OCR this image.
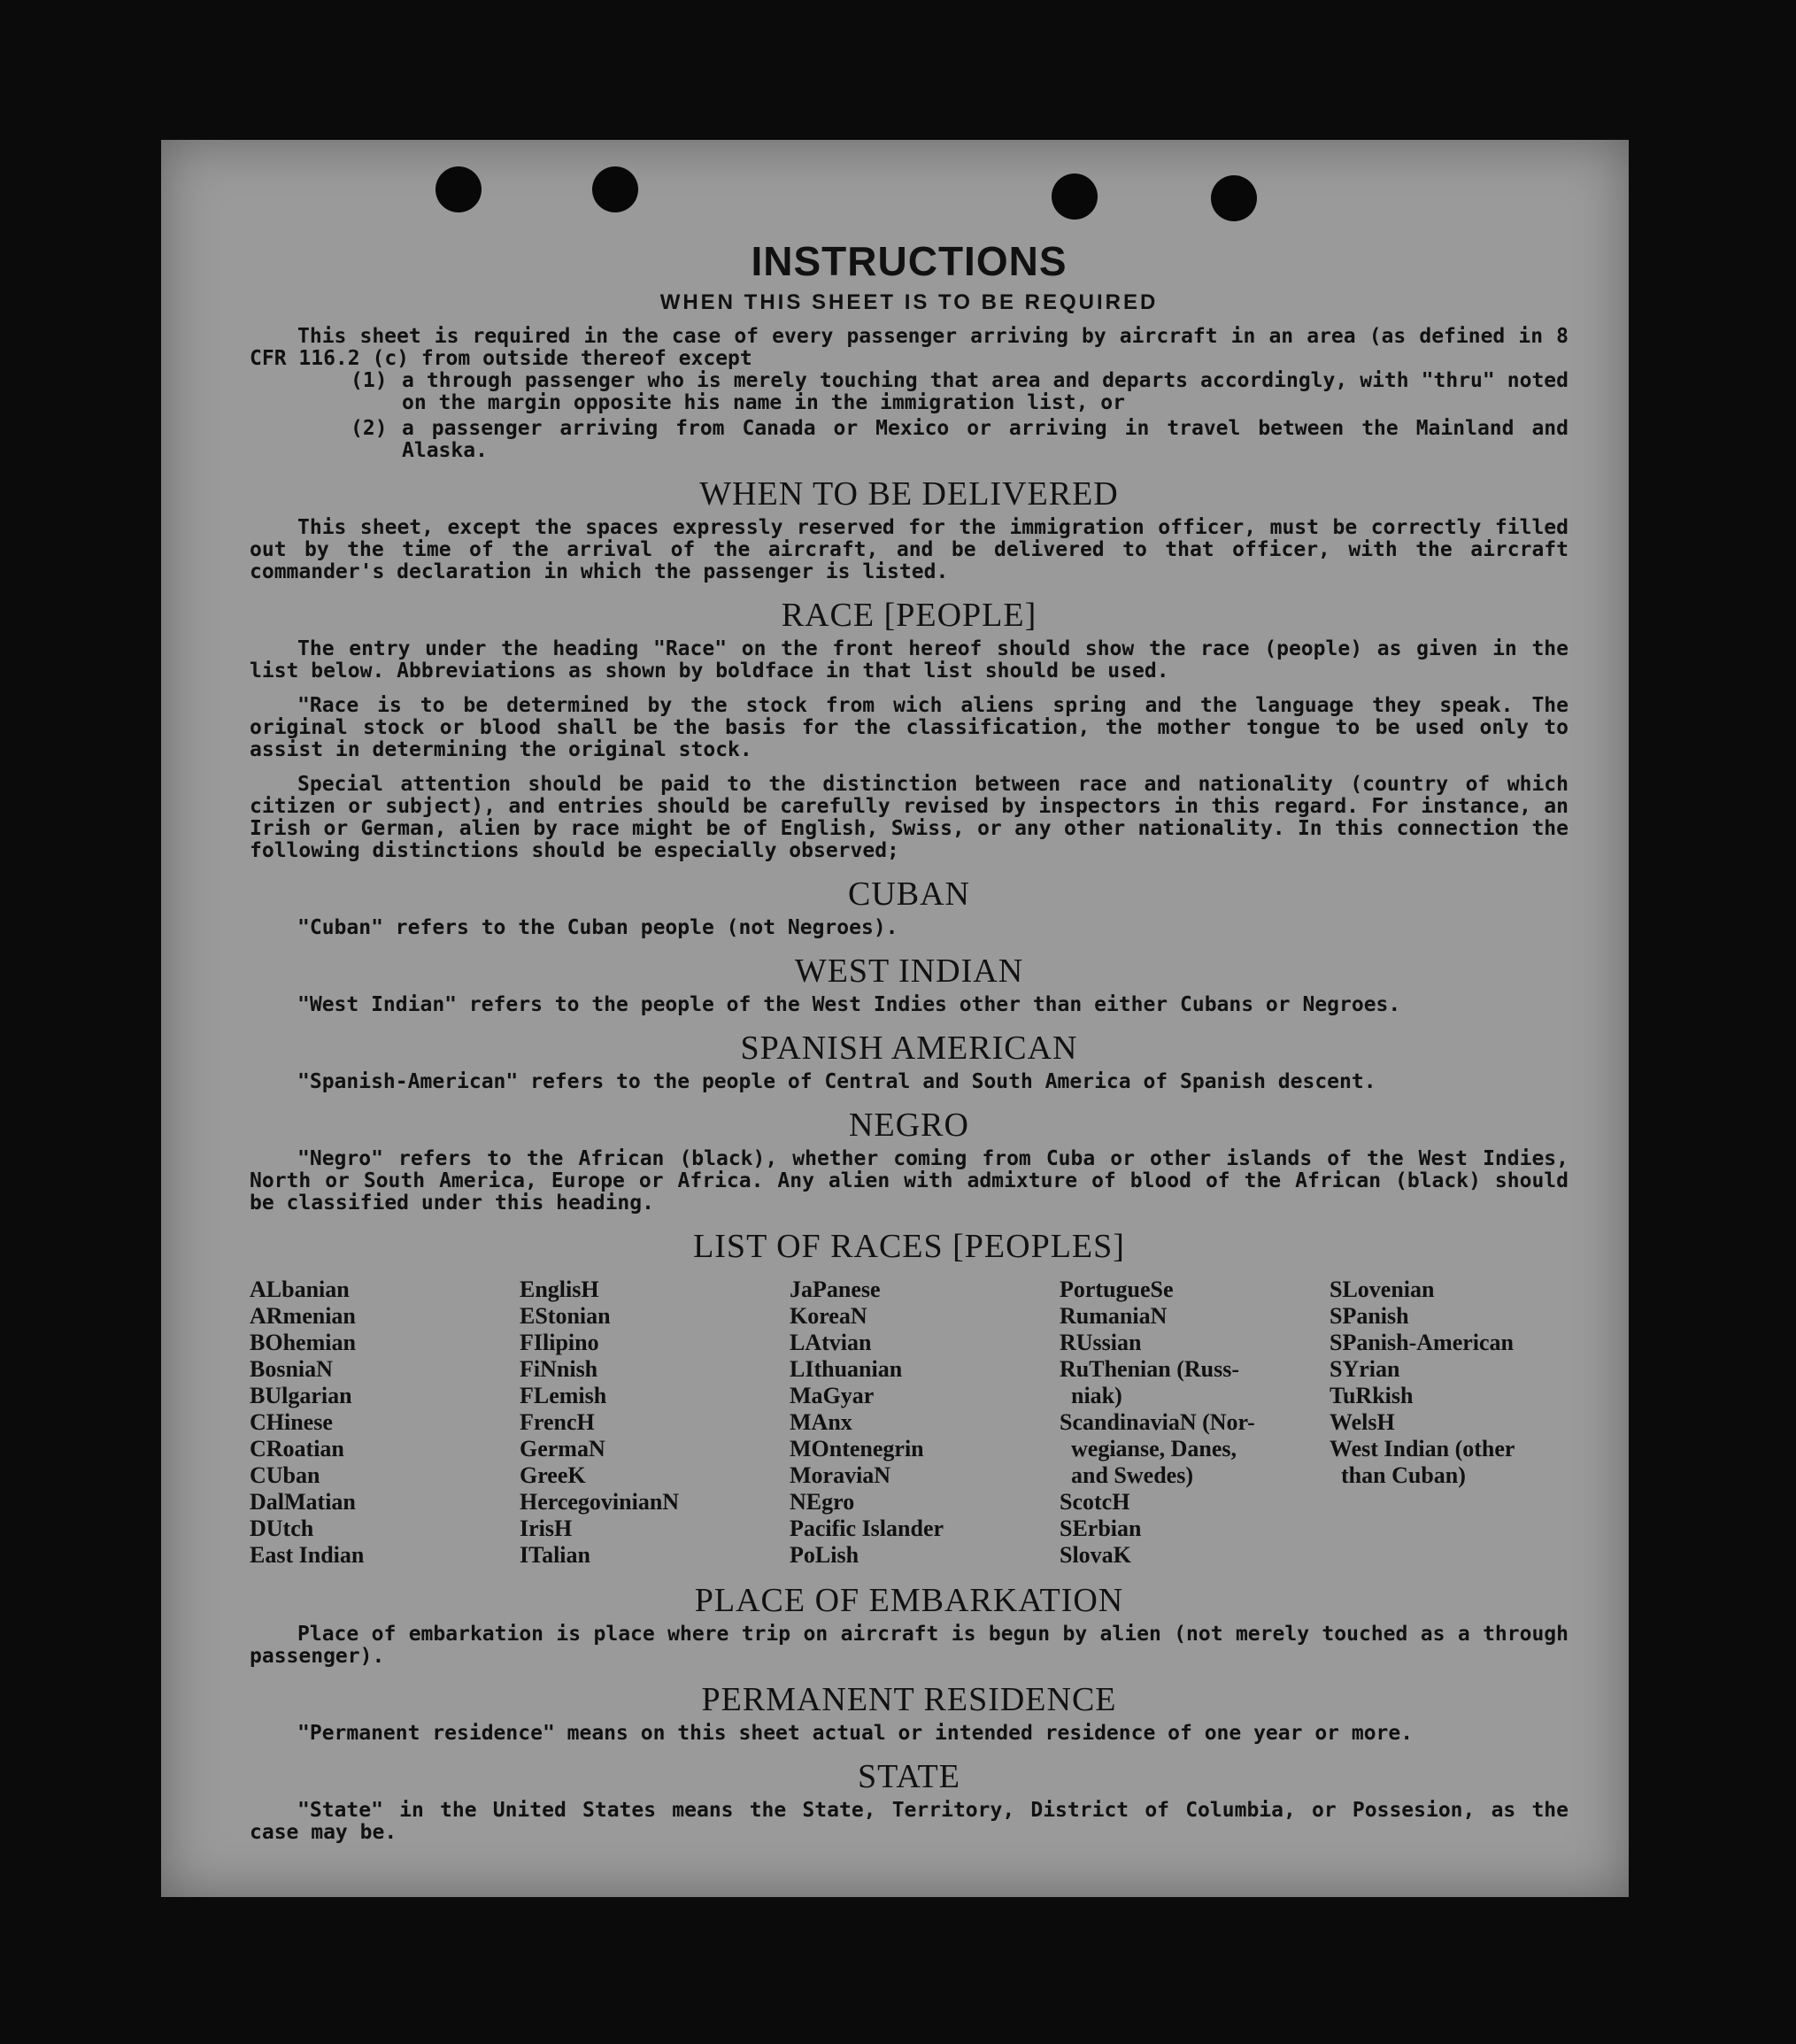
INSTRUCTIONS
WHEN THIS SHEET IS TO BE REQUIRED

This sheet is required in the case of every passenger arriving by aircraft in an area (as defined in 8 CFR 116.2 (c) from outside thereof except

(1) a through passenger who is merely touching that area and departs accordingly, with "thru" noted on the margin opposite his name in the immigration list, or
(2) a passenger arriving from Canada or Mexico or arriving in travel between the Mainland and Alaska.
WHEN TO BE DELIVERED

This sheet, except the spaces expressly reserved for the immigration officer, must be correctly filled out by the time of the arrival of the aircraft, and be delivered to that officer, with the aircraft commander's declaration in which the passenger is listed.

RACE [PEOPLE]

The entry under the heading "Race" on the front hereof should show the race (people) as given in the list below. Abbreviations as shown by boldface in that list should be used.

"Race is to be determined by the stock from wich aliens spring and the language they speak. The original stock or blood shall be the basis for the classification, the mother tongue to be used only to assist in determining the original stock.

Special attention should be paid to the distinction between race and nationality (country of which citizen or subject), and entries should be carefully revised by inspectors in this regard. For instance, an Irish or German, alien by race might be of English, Swiss, or any other nationality. In this connection the following distinctions should be especially observed;

CUBAN

"Cuban" refers to the Cuban people (not Negroes).

WEST INDIAN

"West Indian" refers to the people of the West Indies other than either Cubans or Negroes.

SPANISH AMERICAN

"Spanish-American" refers to the people of Central and South America of Spanish descent.

NEGRO

"Negro" refers to the African (black), whether coming from Cuba or other islands of the West Indies, North or South America, Europe or Africa. Any alien with admixture of blood of the African (black) should be classified under this heading.

LIST OF RACES [PEOPLES]
ALbanian
ARmenian
BOhemian
BosniaN
BUlgarian
CHinese
CRoatian
CUban
DalMatian
DUtch
East Indian
EnglisH
EStonian
FIlipino
FiNnish
FLemish
FrencH
GermaN
GreeK
HercegovinianN
IrisH
ITalian
JaPanese
KoreaN
LAtvian
LIthuanian
MaGyar
MAnx
MOntenegrin
MoraviaN
NEgro
Pacific Islander
PoLish
PortugueSe
RumaniaN
RUssian
RuThenian (Russ-
niak)
ScandinaviaN (Nor-
wegianse, Danes,
and Swedes)
ScotcH
SErbian
SlovaK
SLovenian
SPanish
SPanish-American
SYrian
TuRkish
WelsH
West Indian (other
than Cuban)
PLACE OF EMBARKATION

Place of embarkation is place where trip on aircraft is begun by alien (not merely touched as a through passenger).

PERMANENT RESIDENCE

"Permanent residence" means on this sheet actual or intended residence of one year or more.

STATE

"State" in the United States means the State, Territory, District of Columbia, or Possesion, as the case may be.
